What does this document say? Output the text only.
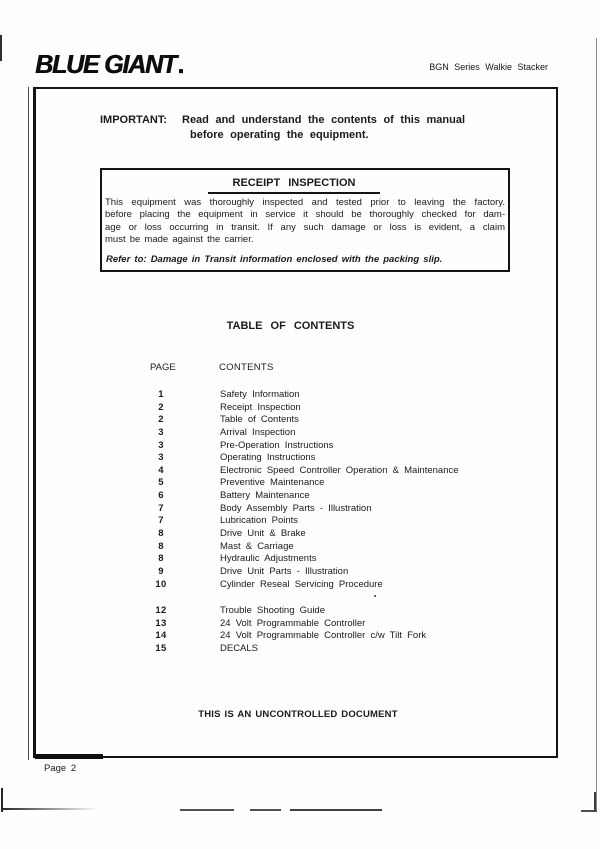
BLUE GIANT	BGN Series Walkie Stacker
IMPORTANT:	Read and understand the contents of this manual
before operating the equipment.
RECEIPT INSPECTION
This equipment was thoroughly inspected and tested prior to leaving the factory.
before placing the equipment in service it should be thoroughly checked for dam-
age or loss occurring in transit. If any such damage or loss is evident, a claim
must be made against the carrier.
Refer to: Damage in Transit information enclosed with the packing slip.
TABLE OF CONTENTS
PAGE	CONTENTS
1	Safety Information
2	Receipt Inspection
2	Table of Contents
3	Arrival Inspection
3	Pre-Operation Instructions
3	Operating Instructions
4	Electronic Speed Controller Operation & Maintenance
5	Preventive Maintenance
6	Battery Maintenance
7	Body Assembly Parts - Illustration
7	Lubrication Points
8	Drive Unit & Brake
8	Mast & Carriage
8	Hydraulic Adjustments
9	Drive Unit Parts - Illustration
10	Cylinder Reseal Servicing Procedure
12	Trouble Shooting Guide
13	24 Volt Programmable Controller
14	24 Volt Programmable Controller c/w Tilt Fork
15	DECALS
THIS IS AN UNCONTROLLED DOCUMENT
Page 2
